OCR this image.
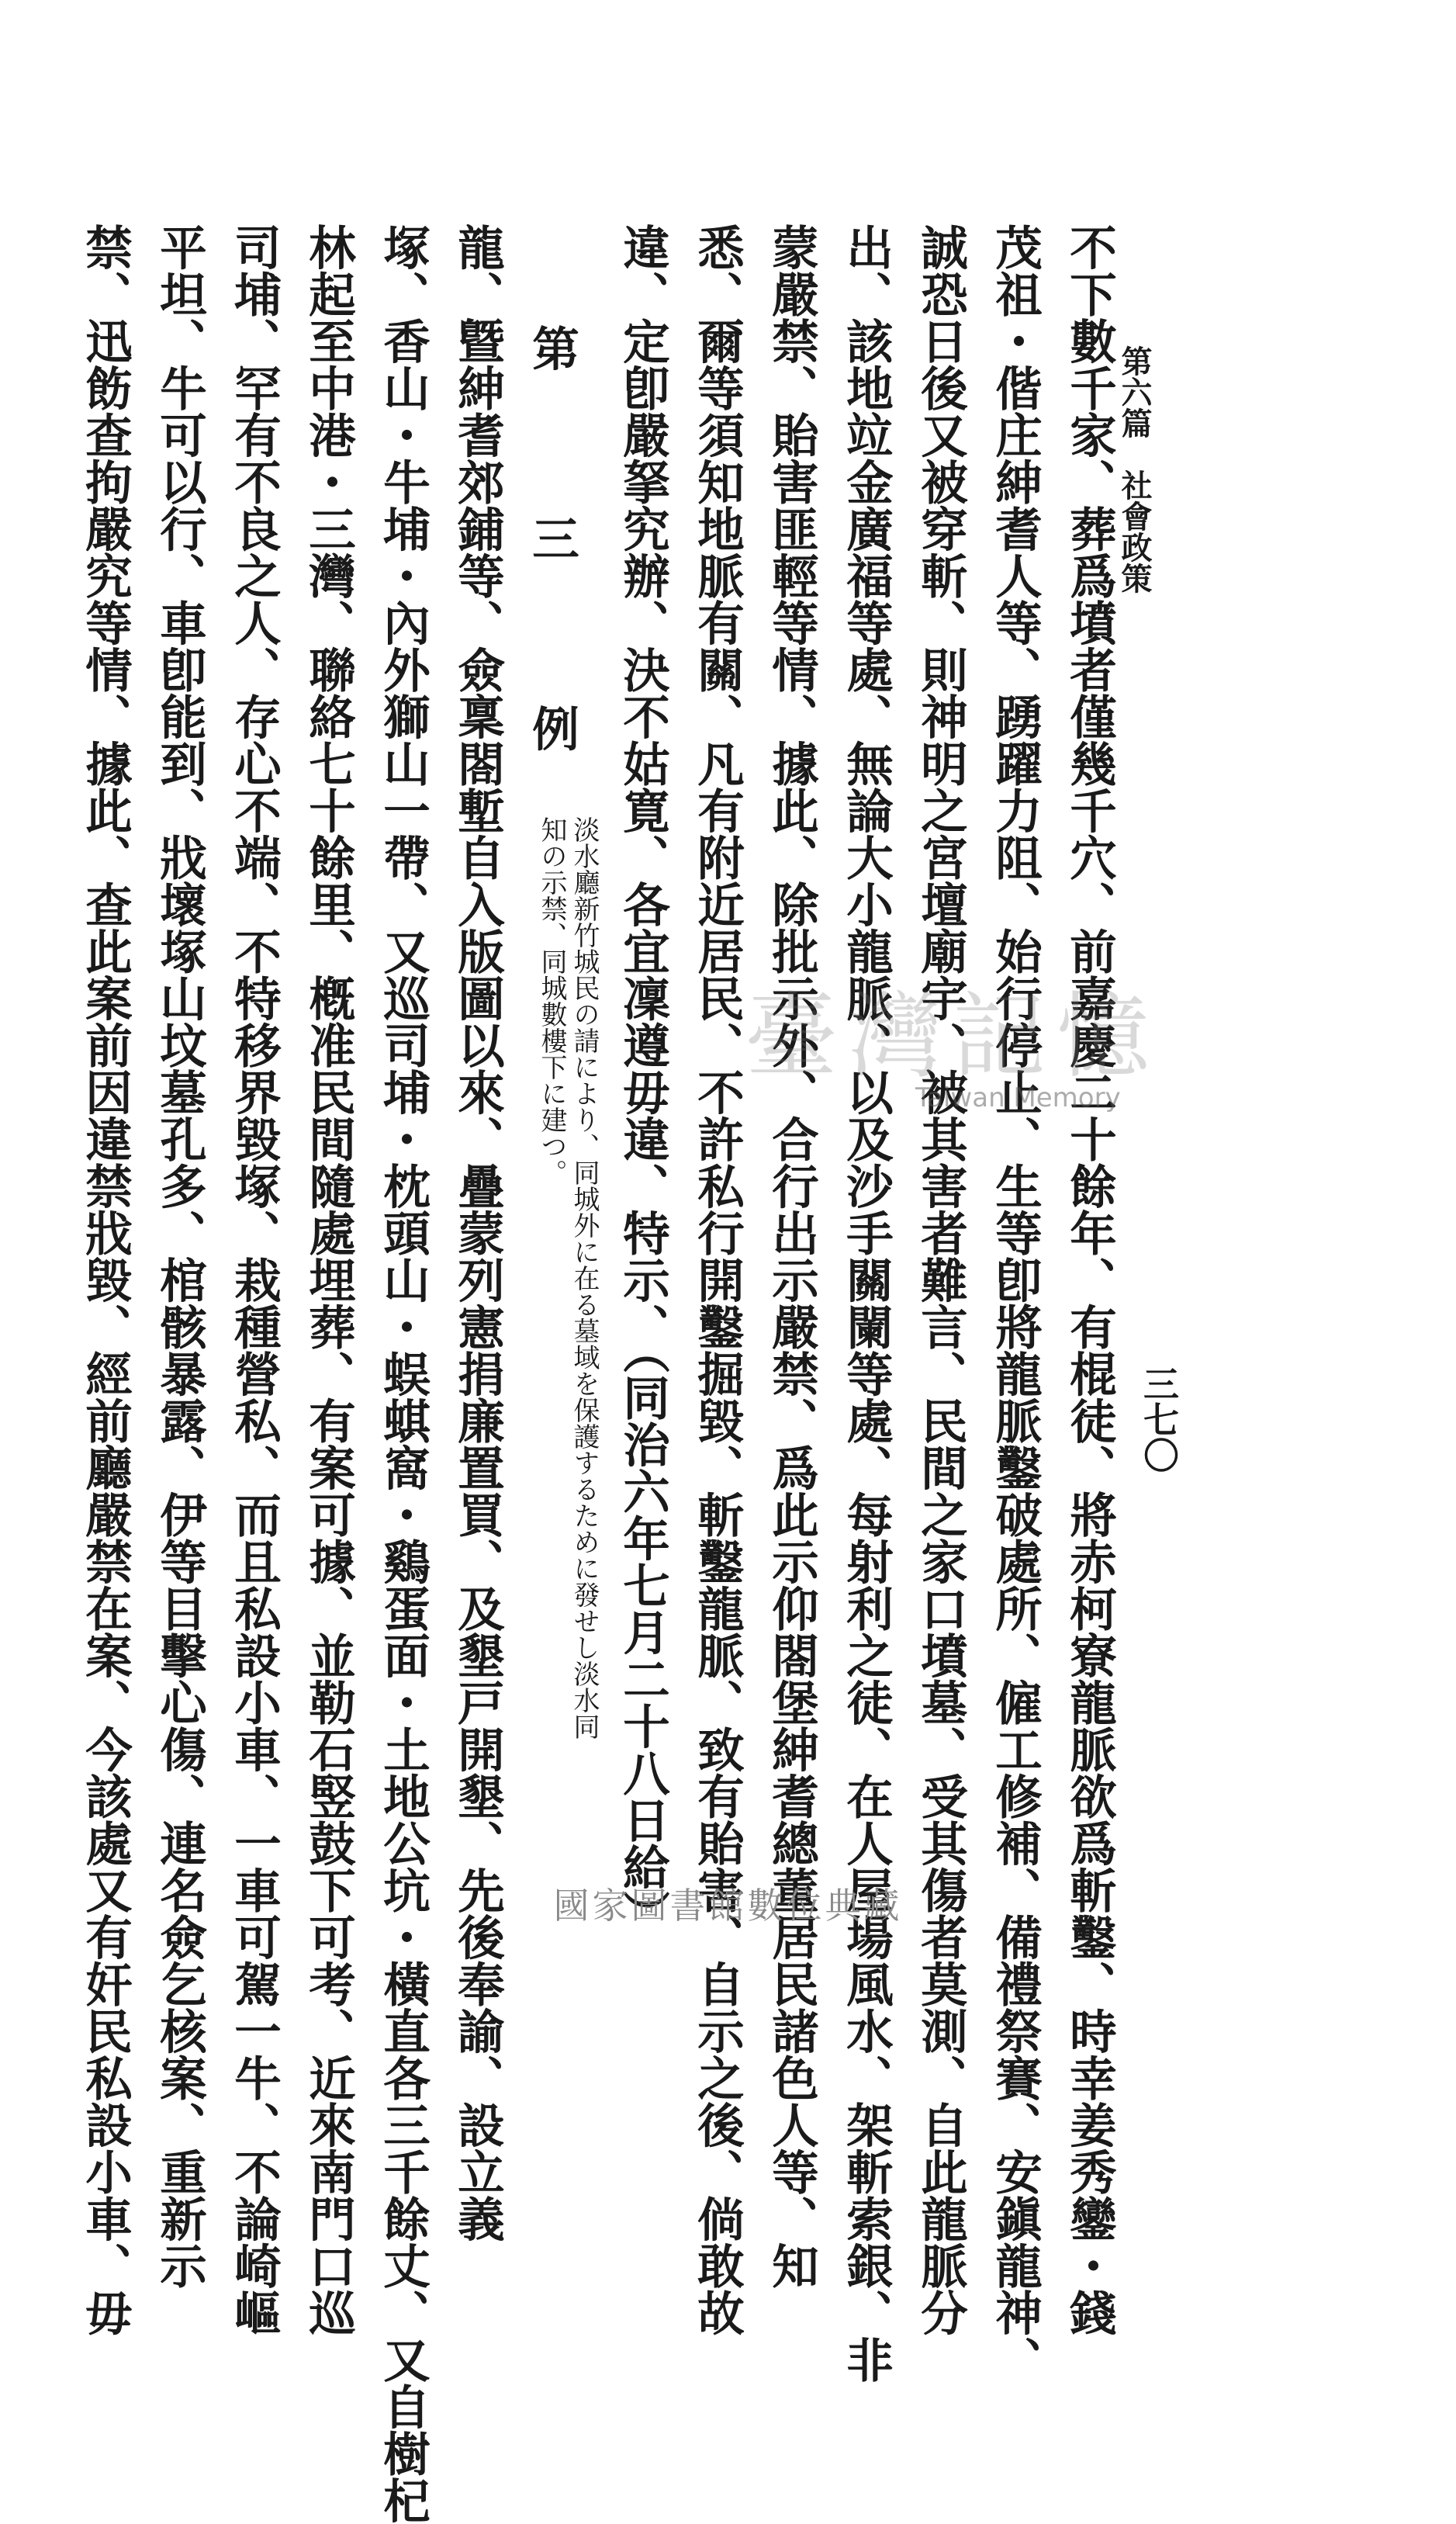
第六篇　社會政策
三七〇
不下數千家、葬爲墳者僅幾千穴、前嘉慶二十餘年、有棍徒、將赤柯寮龍脈欲爲斬鑿、時幸姜秀鑾・錢
茂祖・偕庄紳耆人等、踴躍力阻、始行停止、生等卽將龍脈鑿破處所、僱工修補、備禮祭賽、安鎭龍神、
誠恐日後又被穿斬、則神明之宮壇廟宇、被其害者難言、民間之家口墳墓、受其傷者莫測、自此龍脈分
出、該地竝金廣福等處、無論大小龍脈、以及沙手關闌等處、每射利之徒、在人屋場風水、架斬索銀、非
蒙嚴禁、貽害匪輕等情、據此、除批示外、合行出示嚴禁、爲此示仰閤堡紳耆總董居民諸色人等、知
悉、爾等須知地脈有關、凡有附近居民、不許私行開鑿掘毀、斬鑿龍脈、致有貽害、自示之後、倘敢故
違、定卽嚴拏究辦、決不姑寛、各宜凜遵毋違、特示、（同治六年七月二十八日給）
第　三　例 淡水廳新竹城民の請により、同城外に在る墓域を保護するために發せし淡水同知の示禁、同城數樓下に建つ。
龍、曁紳耆郊鋪等、僉稟閤塹自入版圖以來、疊蒙列憲捐廉置買、及墾戸開墾、先後奉諭、設立義
塚、香山・牛埔・內外獅山一帶、又巡司埔・枕頭山・蜈蜞窩・鷄蛋面・土地公坑・橫直各三千餘丈、又自樹杞
林起至中港・三灣、聯絡七十餘里、槪准民間隨處埋葬、有案可據、並勒石竪鼓下可考、近來南門口巡
司埔、罕有不良之人、存心不端、不特移界毀塚、栽種營私、而且私設小車、一車可駕一牛、不論崎嶇
平坦、牛可以行、車卽能到、戕壞塚山坟墓孔多、棺骸暴露、伊等目擊心傷、連名僉乞核案、重新示
禁、迅飭查拘嚴究等情、據此、查此案前因違禁戕毀、經前廳嚴禁在案、今該處又有奸民私設小車、毋	臺灣記憶
Taiwan Memory
國家圖書館數位典藏
